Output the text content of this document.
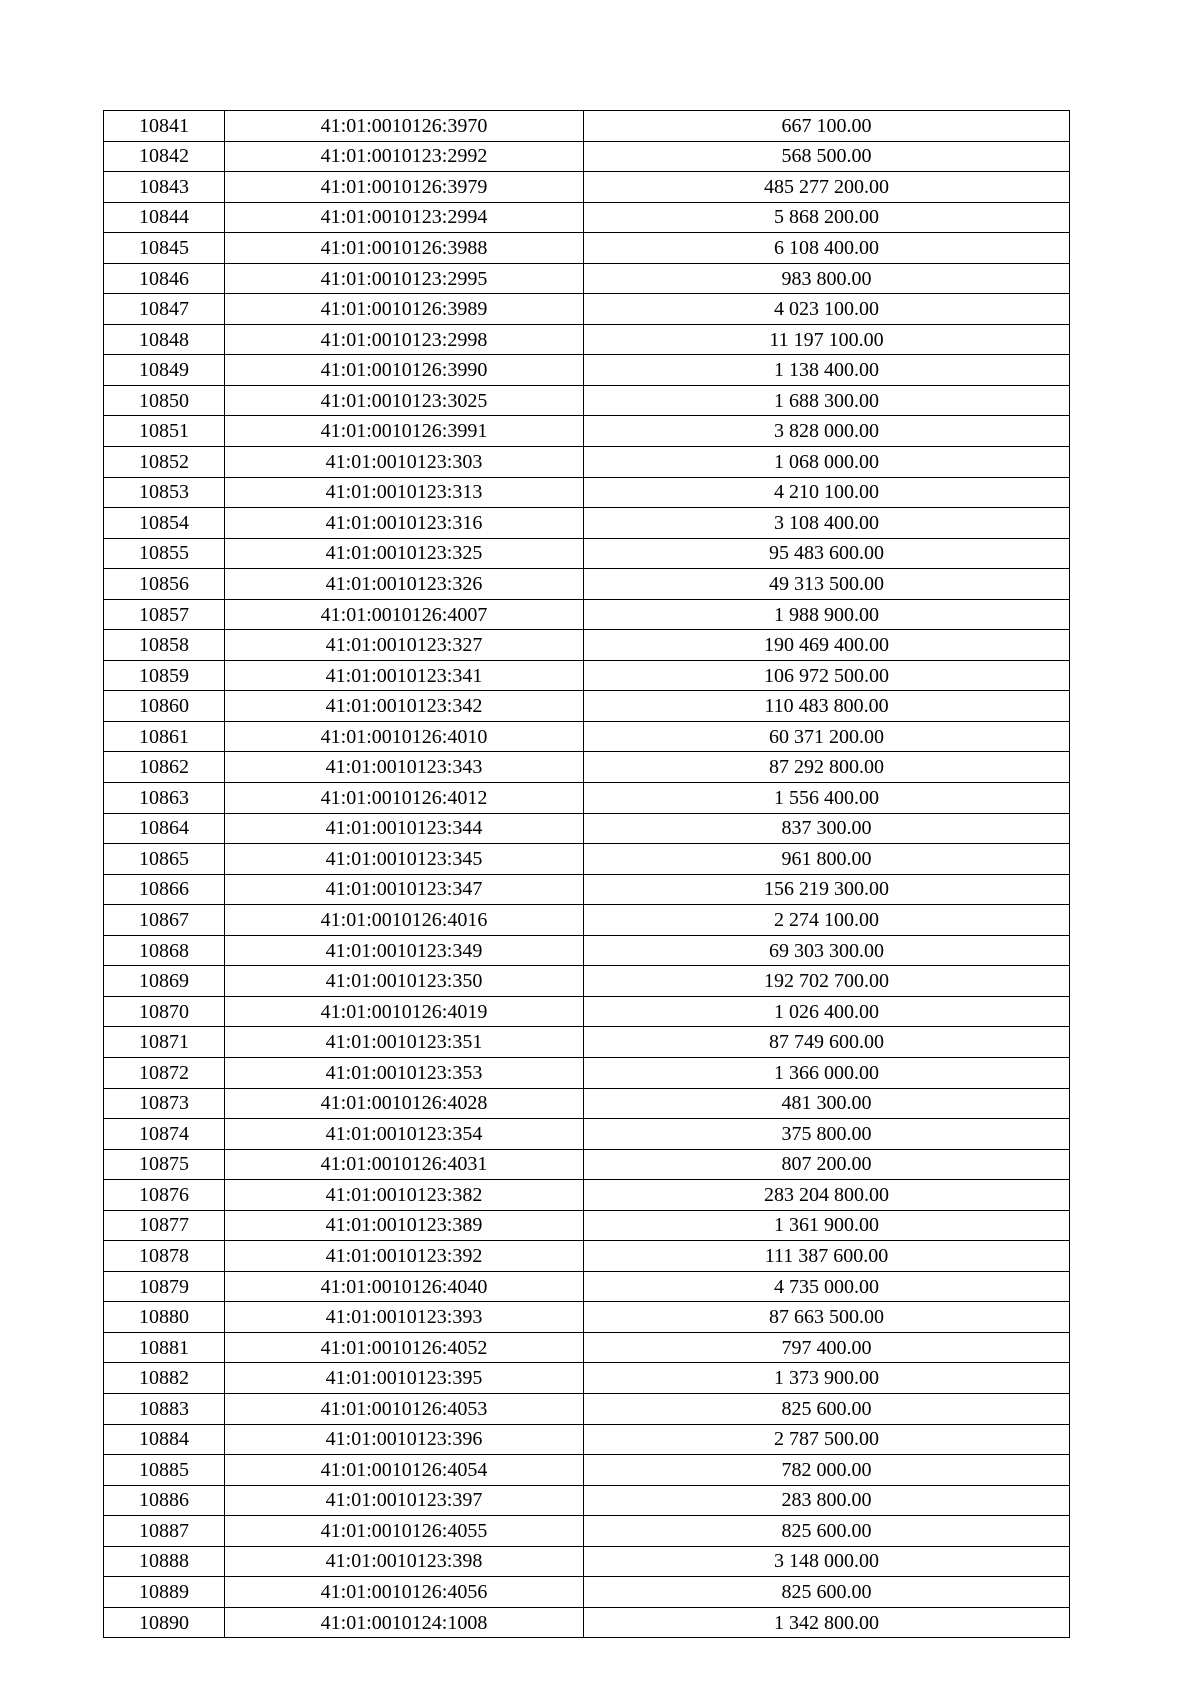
10841	41:01:0010126:3970	667 100.00
10842	41:01:0010123:2992	568 500.00
10843	41:01:0010126:3979	485 277 200.00
10844	41:01:0010123:2994	5 868 200.00
10845	41:01:0010126:3988	6 108 400.00
10846	41:01:0010123:2995	983 800.00
10847	41:01:0010126:3989	4 023 100.00
10848	41:01:0010123:2998	11 197 100.00
10849	41:01:0010126:3990	1 138 400.00
10850	41:01:0010123:3025	1 688 300.00
10851	41:01:0010126:3991	3 828 000.00
10852	41:01:0010123:303	1 068 000.00
10853	41:01:0010123:313	4 210 100.00
10854	41:01:0010123:316	3 108 400.00
10855	41:01:0010123:325	95 483 600.00
10856	41:01:0010123:326	49 313 500.00
10857	41:01:0010126:4007	1 988 900.00
10858	41:01:0010123:327	190 469 400.00
10859	41:01:0010123:341	106 972 500.00
10860	41:01:0010123:342	110 483 800.00
10861	41:01:0010126:4010	60 371 200.00
10862	41:01:0010123:343	87 292 800.00
10863	41:01:0010126:4012	1 556 400.00
10864	41:01:0010123:344	837 300.00
10865	41:01:0010123:345	961 800.00
10866	41:01:0010123:347	156 219 300.00
10867	41:01:0010126:4016	2 274 100.00
10868	41:01:0010123:349	69 303 300.00
10869	41:01:0010123:350	192 702 700.00
10870	41:01:0010126:4019	1 026 400.00
10871	41:01:0010123:351	87 749 600.00
10872	41:01:0010123:353	1 366 000.00
10873	41:01:0010126:4028	481 300.00
10874	41:01:0010123:354	375 800.00
10875	41:01:0010126:4031	807 200.00
10876	41:01:0010123:382	283 204 800.00
10877	41:01:0010123:389	1 361 900.00
10878	41:01:0010123:392	111 387 600.00
10879	41:01:0010126:4040	4 735 000.00
10880	41:01:0010123:393	87 663 500.00
10881	41:01:0010126:4052	797 400.00
10882	41:01:0010123:395	1 373 900.00
10883	41:01:0010126:4053	825 600.00
10884	41:01:0010123:396	2 787 500.00
10885	41:01:0010126:4054	782 000.00
10886	41:01:0010123:397	283 800.00
10887	41:01:0010126:4055	825 600.00
10888	41:01:0010123:398	3 148 000.00
10889	41:01:0010126:4056	825 600.00
10890	41:01:0010124:1008	1 342 800.00
